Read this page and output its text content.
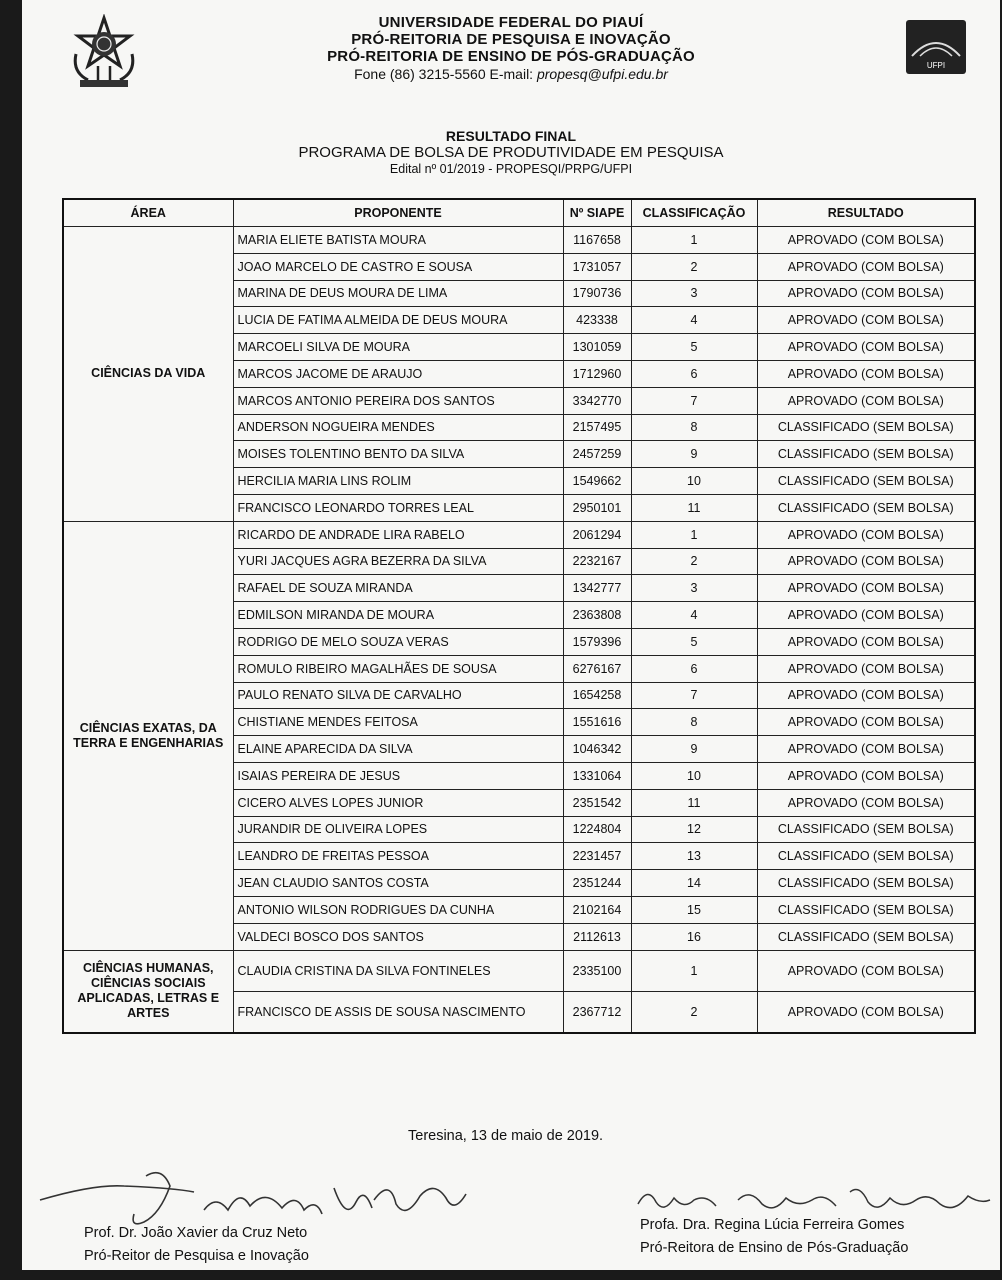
UNIVERSIDADE FEDERAL DO PIAUÍ
PRÓ-REITORIA DE PESQUISA E INOVAÇÃO
PRÓ-REITORIA DE ENSINO DE PÓS-GRADUAÇÃO
Fone (86) 3215-5560 E-mail: propesq@ufpi.edu.br
UFPI
RESULTADO FINAL
PROGRAMA DE BOLSA DE PRODUTIVIDADE EM PESQUISA
Edital nº 01/2019 - PROPESQI/PRPG/UFPI
ÁREA	PROPONENTE	Nº SIAPE	CLASSIFICAÇÃO	RESULTADO
CIÊNCIAS DA VIDA	MARIA ELIETE BATISTA MOURA	1167658	1	APROVADO (COM BOLSA)
	JOAO MARCELO DE CASTRO E SOUSA	1731057	2	APROVADO (COM BOLSA)
	MARINA DE DEUS MOURA DE LIMA	1790736	3	APROVADO (COM BOLSA)
	LUCIA DE FATIMA ALMEIDA DE DEUS MOURA	423338	4	APROVADO (COM BOLSA)
	MARCOELI SILVA DE MOURA	1301059	5	APROVADO (COM BOLSA)
	MARCOS JACOME DE ARAUJO	1712960	6	APROVADO (COM BOLSA)
	MARCOS ANTONIO PEREIRA DOS SANTOS	3342770	7	APROVADO (COM BOLSA)
	ANDERSON NOGUEIRA MENDES	2157495	8	CLASSIFICADO (SEM BOLSA)
	MOISES TOLENTINO BENTO DA SILVA	2457259	9	CLASSIFICADO (SEM BOLSA)
	HERCILIA MARIA LINS ROLIM	1549662	10	CLASSIFICADO (SEM BOLSA)
	FRANCISCO LEONARDO TORRES LEAL	2950101	11	CLASSIFICADO (SEM BOLSA)
CIÊNCIAS EXATAS, DA TERRA E ENGENHARIAS	RICARDO DE ANDRADE LIRA RABELO	2061294	1	APROVADO (COM BOLSA)
	YURI JACQUES AGRA BEZERRA DA SILVA	2232167	2	APROVADO (COM BOLSA)
	RAFAEL DE SOUZA MIRANDA	1342777	3	APROVADO (COM BOLSA)
	EDMILSON MIRANDA DE MOURA	2363808	4	APROVADO (COM BOLSA)
	RODRIGO DE MELO SOUZA VERAS	1579396	5	APROVADO (COM BOLSA)
	ROMULO RIBEIRO MAGALHÃES DE SOUSA	6276167	6	APROVADO (COM BOLSA)
	PAULO RENATO SILVA DE CARVALHO	1654258	7	APROVADO (COM BOLSA)
	CHISTIANE MENDES FEITOSA	1551616	8	APROVADO (COM BOLSA)
	ELAINE APARECIDA DA SILVA	1046342	9	APROVADO (COM BOLSA)
	ISAIAS PEREIRA DE JESUS	1331064	10	APROVADO (COM BOLSA)
	CICERO ALVES LOPES JUNIOR	2351542	11	APROVADO (COM BOLSA)
	JURANDIR DE OLIVEIRA LOPES	1224804	12	CLASSIFICADO (SEM BOLSA)
	LEANDRO DE FREITAS PESSOA	2231457	13	CLASSIFICADO (SEM BOLSA)
	JEAN CLAUDIO SANTOS COSTA	2351244	14	CLASSIFICADO (SEM BOLSA)
	ANTONIO WILSON RODRIGUES DA CUNHA	2102164	15	CLASSIFICADO (SEM BOLSA)
	VALDECI BOSCO DOS SANTOS	2112613	16	CLASSIFICADO (SEM BOLSA)
CIÊNCIAS HUMANAS, CIÊNCIAS SOCIAIS APLICADAS, LETRAS E ARTES	CLAUDIA CRISTINA DA SILVA FONTINELES	2335100	1	APROVADO (COM BOLSA)
	FRANCISCO DE ASSIS DE SOUSA NASCIMENTO	2367712	2	APROVADO (COM BOLSA)
Teresina, 13 de maio de 2019.
Prof. Dr. João Xavier da Cruz Neto
Pró-Reitor de Pesquisa e Inovação
Profa. Dra. Regina Lúcia Ferreira Gomes
Pró-Reitora de Ensino de Pós-Graduação
